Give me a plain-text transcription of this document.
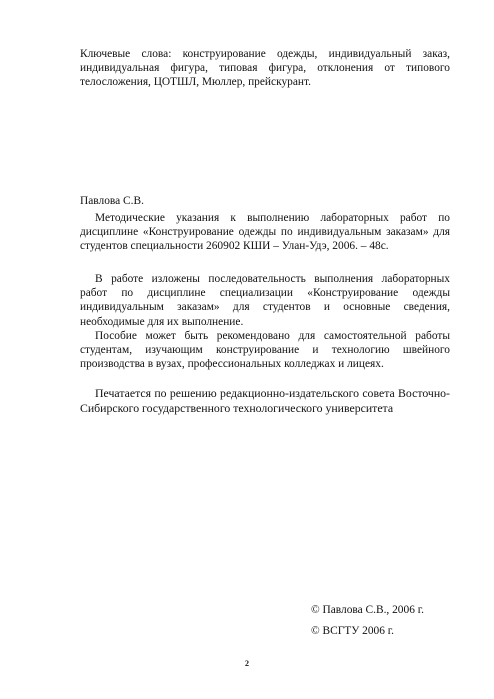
Ключевые слова: конструирование одежды, индивидуальный заказ, индивидуальная фигура, типовая фигура, отклонения от типового телосложения, ЦОТШЛ, Мюллер, прейскурант.
Павлова С.В.
Методические указания к выполнению лабораторных работ по дисциплине «Конструирование одежды по индивидуальным заказам» для студентов специальности 260902 КШИ – Улан-Удэ, 2006. – 48с.

В работе изложены последовательность выполнения лабораторных работ по дисциплине специализации «Конструирование одежды индивидуальным заказам» для студентов и основные сведения, необходимые для их выполнение.

Пособие может быть рекомендовано для самостоятельной работы студентам, изучающим конструирование и технологию швейного производства в вузах, профессиональных колледжах и лицеях.

Печатается по решению редакционно-издательского совета Восточно-Сибирского государственного технологического университета
© Павлова С.В., 2006 г.
© ВСГТУ 2006 г.
2
